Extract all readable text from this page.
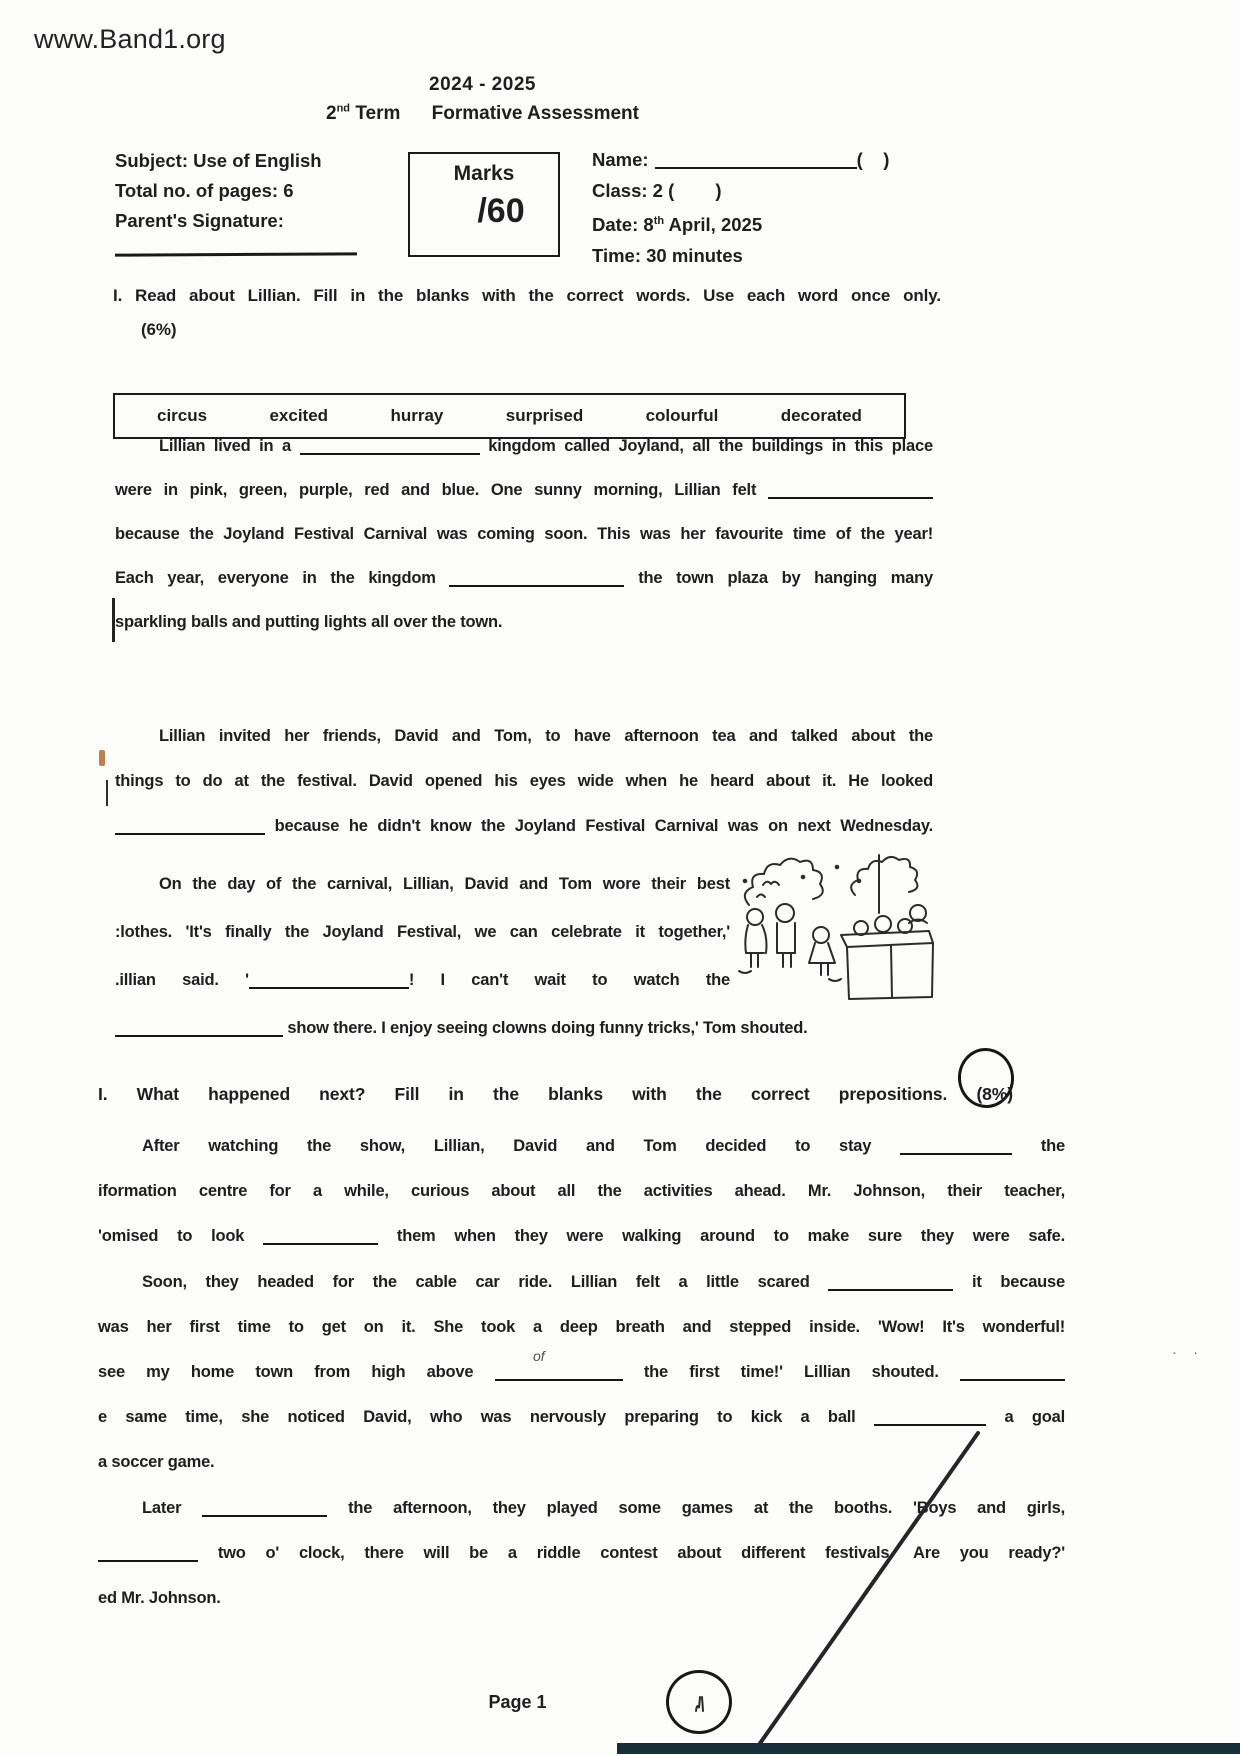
www.Band1.org
2024 - 2025
2nd Term Formative Assessment
Subject: Use of English
Total no. of pages: 6
Parent's Signature:
Marks
/60
Name:	(    )
Class: 2 (        )
Date: 8th April, 2025
Time: 30 minutes
I. Read about Lillian. Fill in the blanks with the correct words. Use each word once only.
(6%)
circus	excited	hurray	surprised	colourful	decorated
Lillian lived in a	kingdom called Joyland, all the buildings in this place
were in pink, green, purple, red and blue. One sunny morning, Lillian felt
because the Joyland Festival Carnival was coming soon. This was her favourite time of the year!
Each year, everyone in the kingdom	the town plaza by hanging many
sparkling balls and putting lights all over the town.
Lillian invited her friends, David and Tom, to have afternoon tea and talked about the
things to do at the festival. David opened his eyes wide when he heard about it. He looked
because he didn't know the Joyland Festival Carnival was on next Wednesday.
On the day of the carnival, Lillian, David and Tom wore their best
:lothes. 'It's finally the Joyland Festival, we can celebrate it together,'
.illian said. '	! I can't wait to watch the
show there. I enjoy seeing clowns doing funny tricks,' Tom shouted.
I. What happened next? Fill in the blanks with the correct prepositions. (8%)
After watching the show, Lillian, David and Tom decided to stay	the
iformation centre for a while, curious about all the activities ahead. Mr. Johnson, their teacher,
'omised to look	them when they were walking around to make sure they were safe.
Soon, they headed for the cable car ride. Lillian felt a little scared	it because
was her first time to get on it. She took a deep breath and stepped inside. 'Wow! It's wonderful!
see my home town from high above
of
the first time!' Lillian shouted.
e same time, she noticed David, who was nervously preparing to kick a ball	a goal
a soccer game.
Later	the afternoon, they played some games at the booths. 'Boys and girls,
two o' clock, there will be a riddle contest about different festivals. Are you ready?'
ed Mr. Johnson.
Page 1
· ·
